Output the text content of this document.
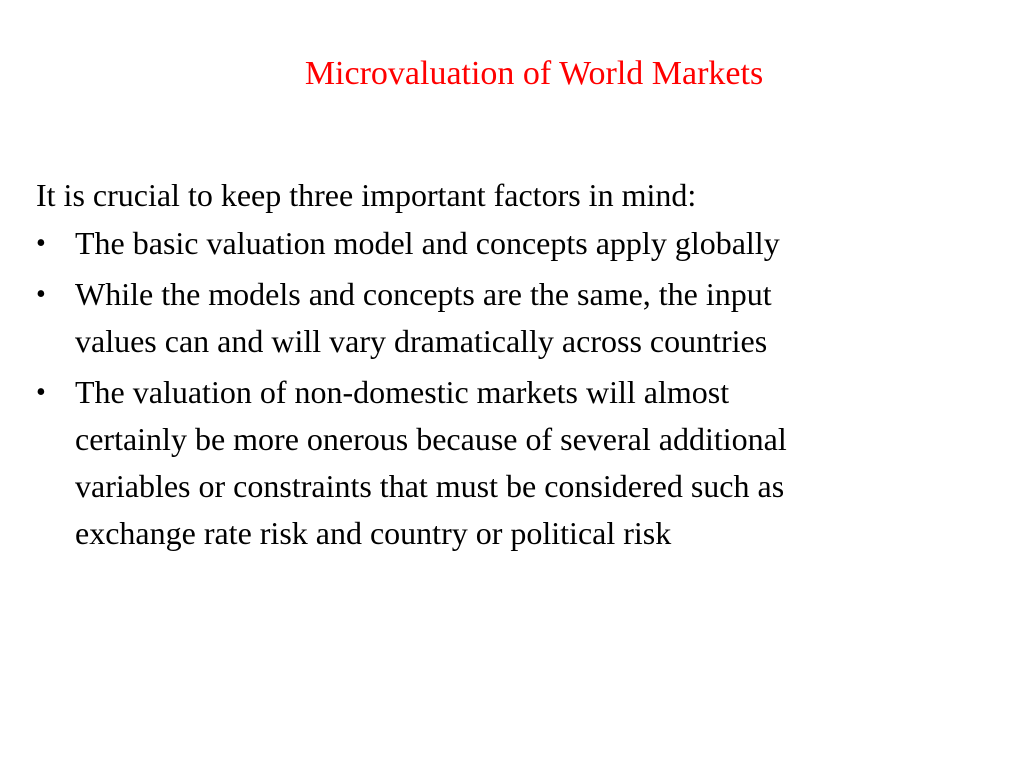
Microvaluation of World Markets
It is crucial to keep three important factors in mind:
• The basic valuation model and concepts apply globally
• While the models and concepts are the same, the input
values can and will vary dramatically across countries
• The valuation of non-domestic markets will almost
certainly be more onerous because of several additional
variables or constraints that must be considered such as
exchange rate risk and country or political risk
